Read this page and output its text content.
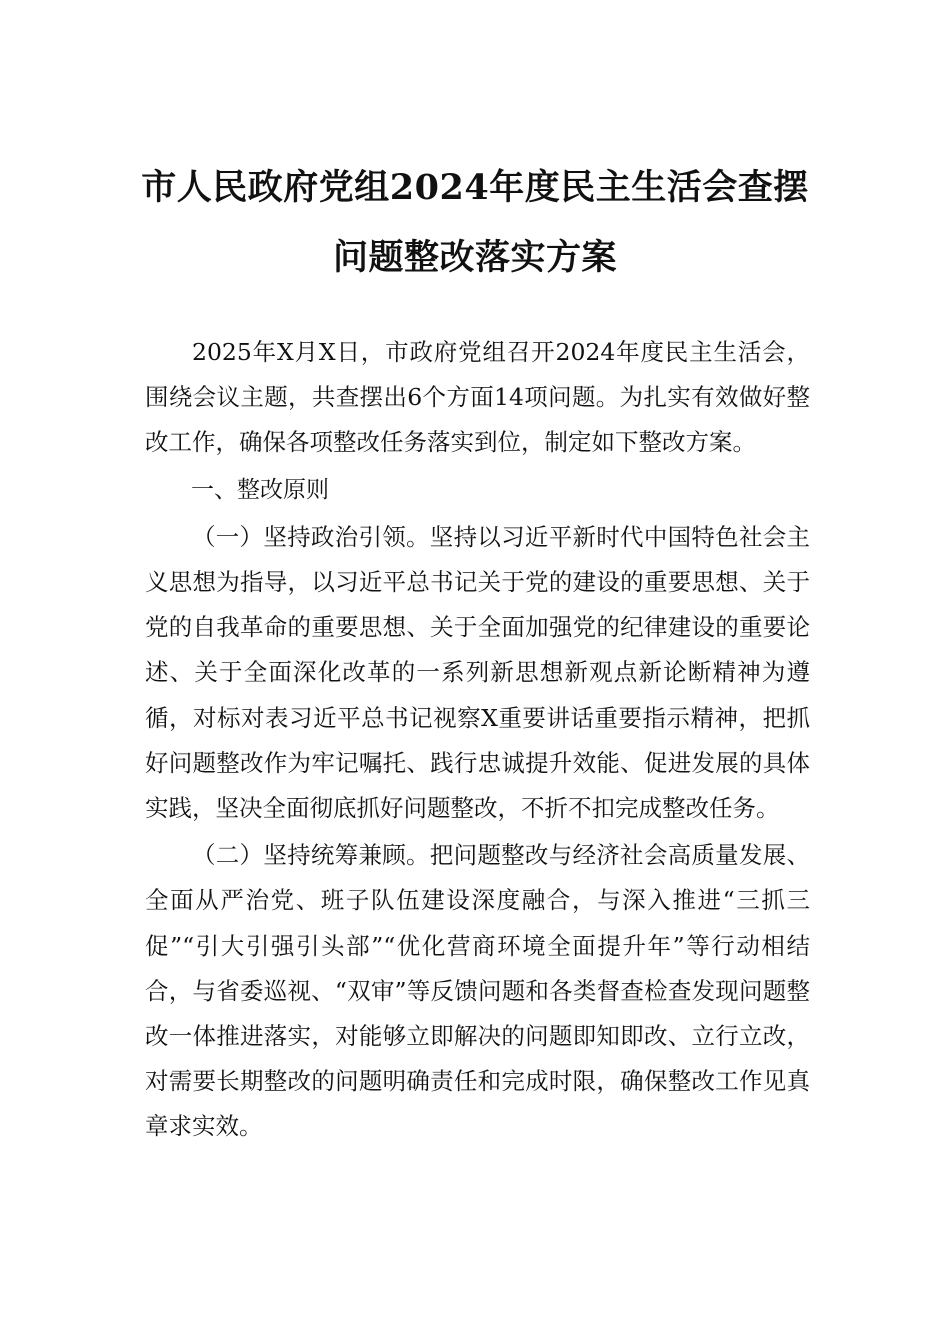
市人民政府党组2024年度民主生活会查摆
问题整改落实方案

2025年X月X日，市政府党组召开2024年度民主生活会，围绕会议主题，共查摆出6个方面14项问题。为扎实有效做好整改工作，确保各项整改任务落实到位，制定如下整改方案。

一、整改原则

（一）坚持政治引领。坚持以习近平新时代中国特色社会主义思想为指导，以习近平总书记关于党的建设的重要思想、关于党的自我革命的重要思想、关于全面加强党的纪律建设的重要论述、关于全面深化改革的一系列新思想新观点新论断精神为遵循，对标对表习近平总书记视察X重要讲话重要指示精神，把抓好问题整改作为牢记嘱托、践行忠诚提升效能、促进发展的具体实践，坚决全面彻底抓好问题整改，不折不扣完成整改任务。

（二）坚持统筹兼顾。把问题整改与经济社会高质量发展、全面从严治党、班子队伍建设深度融合，与深入推进“三抓三促”“引大引强引头部”“优化营商环境全面提升年”等行动相结合，与省委巡视、“双审”等反馈问题和各类督查检查发现问题整改一体推进落实，对能够立即解决的问题即知即改、立行立改，对需要长期整改的问题明确责任和完成时限，确保整改工作见真章求实效。
